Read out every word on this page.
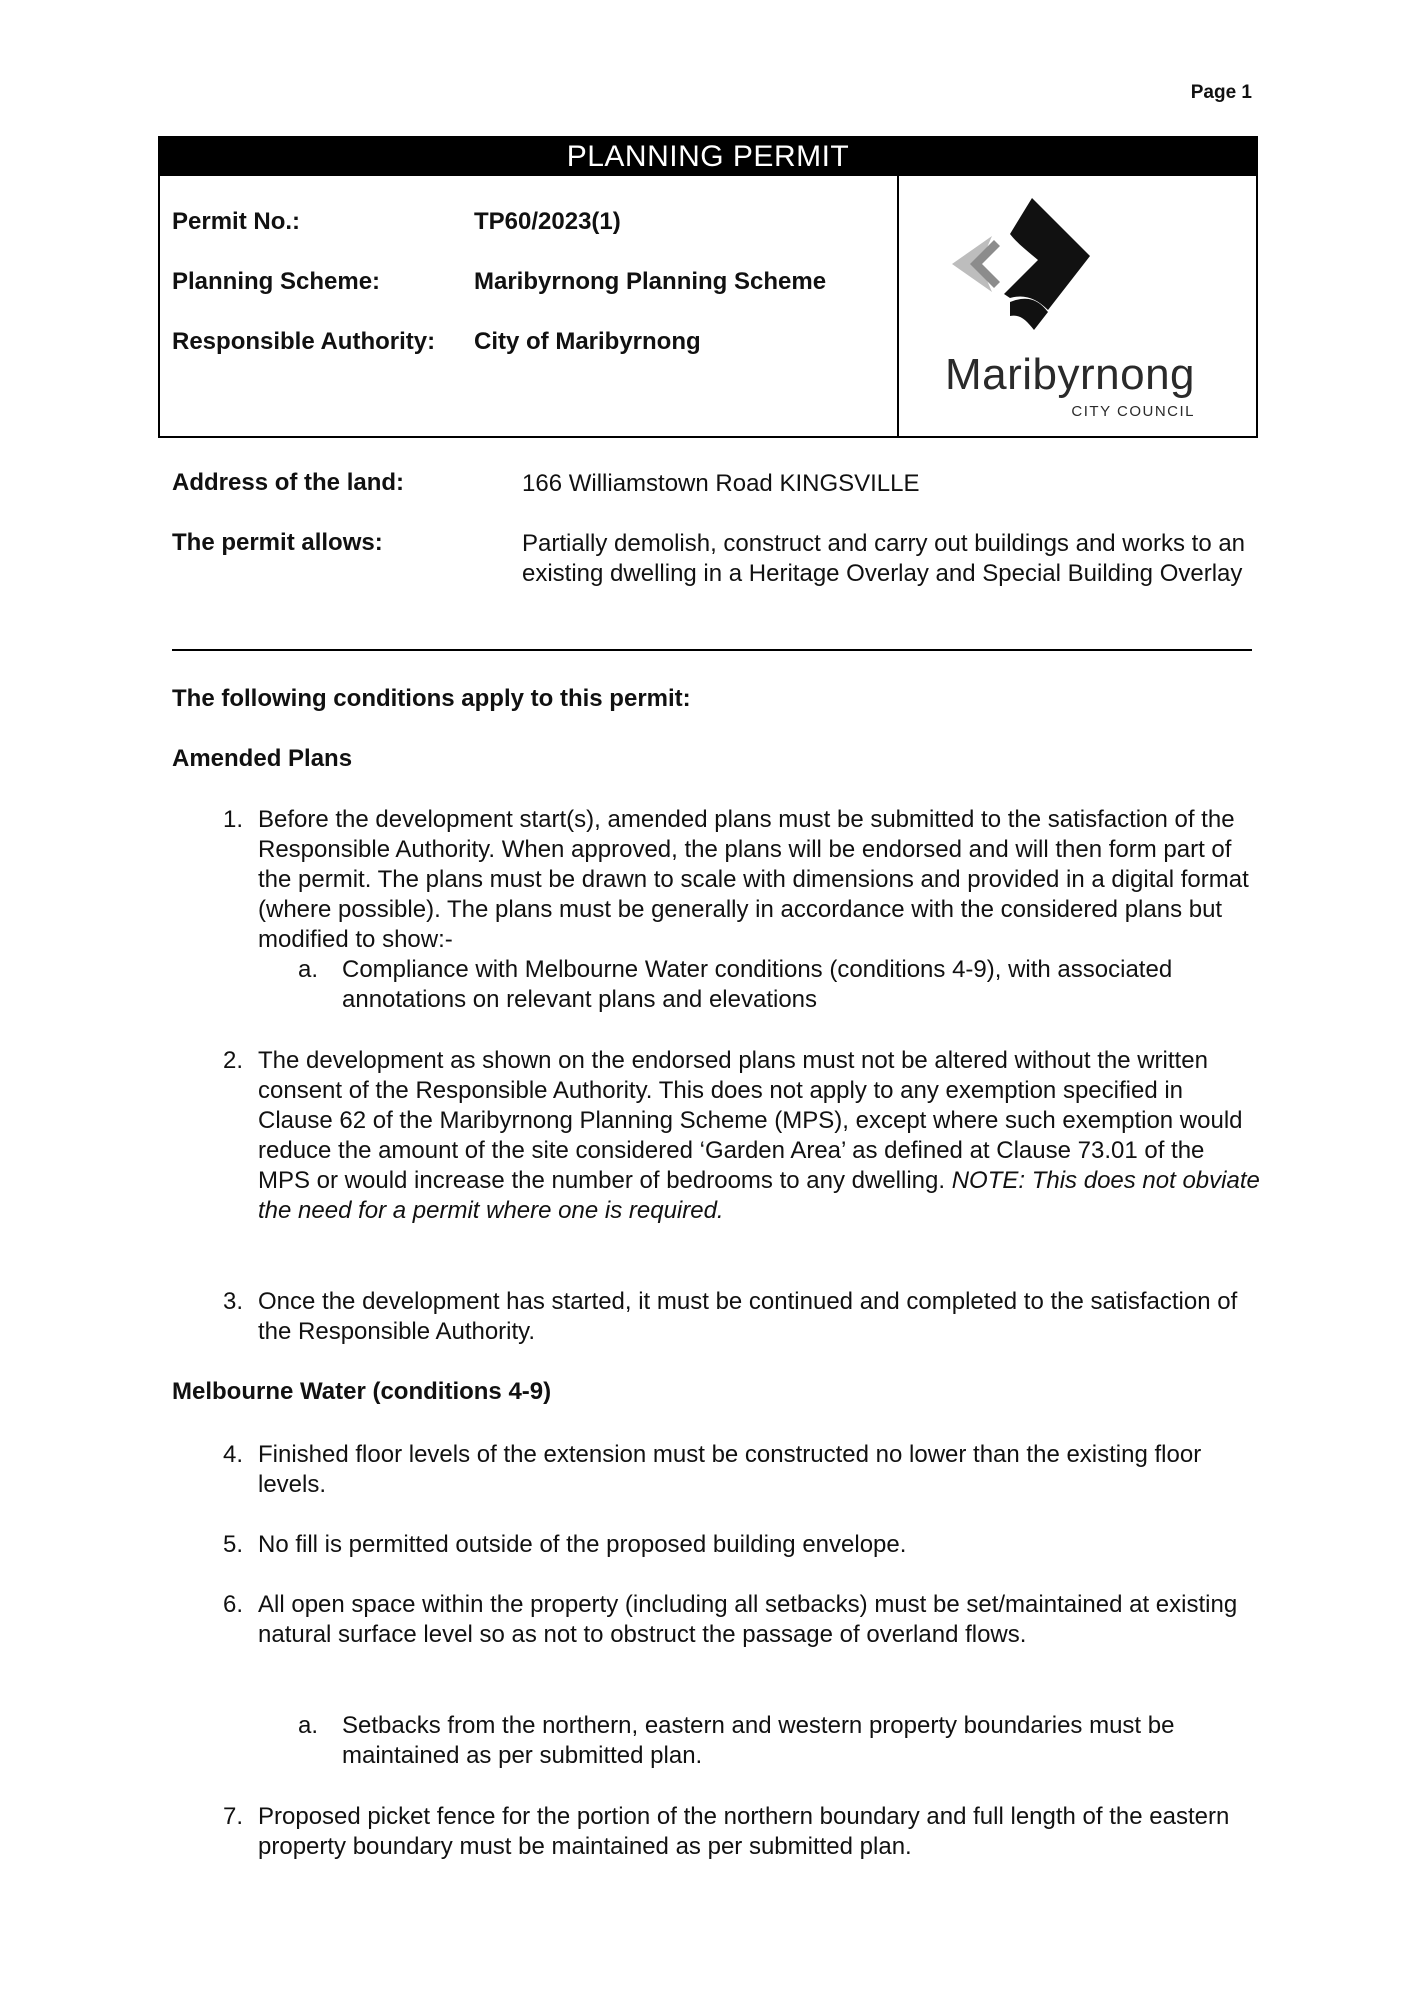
Page 1
PLANNING PERMIT
Permit No.:	TP60/2023(1)
Planning Scheme:	Maribyrnong Planning Scheme
Responsible Authority: City of Maribyrnong
Maribyrnong
CITY COUNCIL
Address of the land:	166 Williamstown Road KINGSVILLE
The permit allows:	Partially demolish, construct and carry out buildings and works to an existing dwelling in a Heritage Overlay and Special Building Overlay
The following conditions apply to this permit:
Amended Plans
1. Before the development start(s), amended plans must be submitted to the satisfaction of the Responsible Authority. When approved, the plans will be endorsed and will then form part of the permit. The plans must be drawn to scale with dimensions and provided in a digital format (where possible). The plans must be generally in accordance with the considered plans but modified to show:-
a. Compliance with Melbourne Water conditions (conditions 4-9), with associated annotations on relevant plans and elevations
2. The development as shown on the endorsed plans must not be altered without the written consent of the Responsible Authority. This does not apply to any exemption specified in Clause 62 of the Maribyrnong Planning Scheme (MPS), except where such exemption would reduce the amount of the site considered ‘Garden Area’ as defined at Clause 73.01 of the MPS or would increase the number of bedrooms to any dwelling. NOTE: This does not obviate the need for a permit where one is required.
3. Once the development has started, it must be continued and completed to the satisfaction of the Responsible Authority.
Melbourne Water (conditions 4-9)
4. Finished floor levels of the extension must be constructed no lower than the existing floor levels.
5. No fill is permitted outside of the proposed building envelope.
6. All open space within the property (including all setbacks) must be set/maintained at existing natural surface level so as not to obstruct the passage of overland flows.
a. Setbacks from the northern, eastern and western property boundaries must be maintained as per submitted plan.
7. Proposed picket fence for the portion of the northern boundary and full length of the eastern property boundary must be maintained as per submitted plan.
